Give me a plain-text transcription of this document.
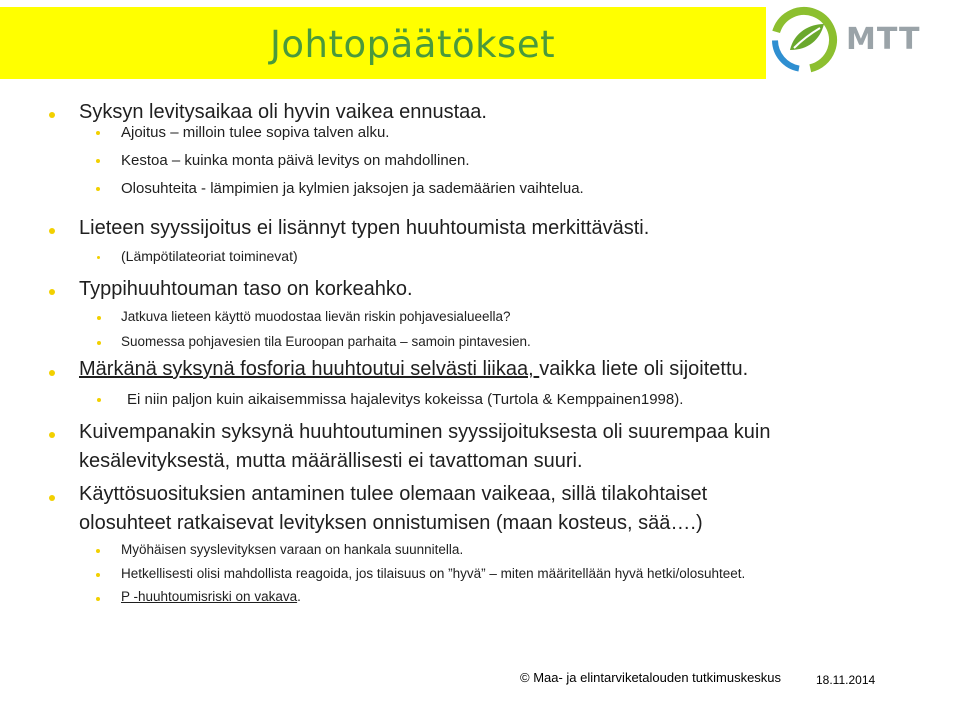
Johtopäätökset	MTT
Syksyn levitysaikaa oli hyvin vaikea ennustaa.
Ajoitus – milloin tulee sopiva talven alku.
Kestoa – kuinka monta päivä levitys on mahdollinen.
Olosuhteita ‑ lämpimien ja kylmien jaksojen ja sademäärien vaihtelua.
Lieteen syyssijoitus ei lisännyt typen huuhtoumista merkittävästi.
(Lämpötilateoriat toiminevat)
Typpihuuhtouman taso on korkeahko.
Jatkuva lieteen käyttö muodostaa lievän riskin pohjavesialueella?
Suomessa pohjavesien tila Euroopan parhaita – samoin pintavesien.
Märkänä syksynä fosforia huuhtoutui selvästi liikaa, vaikka liete oli sijoitettu.
Ei niin paljon kuin aikaisemmissa hajalevitys kokeissa (Turtola & Kemppainen1998).
Kuivempanakin syksynä huuhtoutuminen syyssijoituksesta oli suurempaa kuin
kesälevityksestä, mutta määrällisesti ei tavattoman suuri.
Käyttösuosituksien antaminen tulee olemaan vaikeaa, sillä tilakohtaiset
olosuhteet ratkaisevat levityksen onnistumisen (maan kosteus, sää….)
Myöhäisen syyslevityksen varaan on hankala suunnitella.
Hetkellisesti olisi mahdollista reagoida, jos tilaisuus on ”hyvä” – miten määritellään hyvä hetki/olosuhteet.
P -huuhtoumisriski on vakava.
© Maa- ja elintarviketalouden tutkimuskeskus	18.11.2014
